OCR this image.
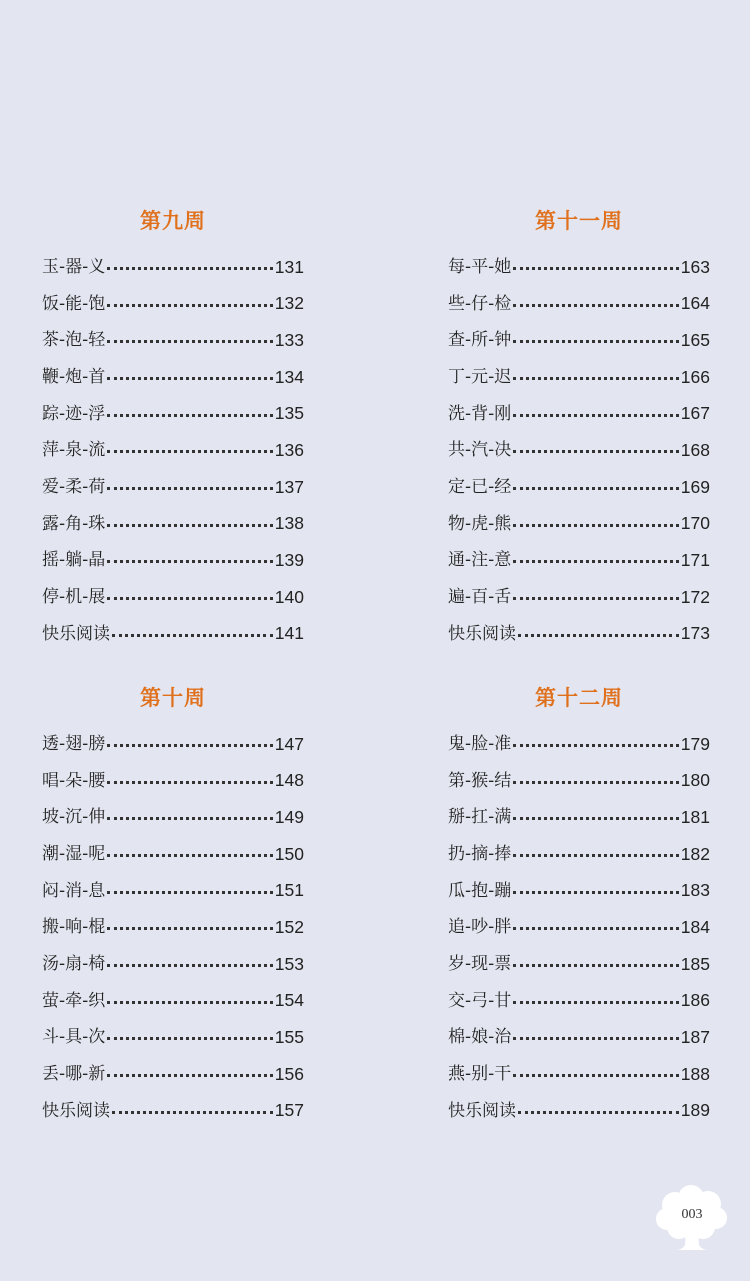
第九周
玉-器-义	131
饭-能-饱	132
茶-泡-轻	133
鞭-炮-首	134
踪-迹-浮	135
萍-泉-流	136
爱-柔-荷	137
露-角-珠	138
摇-躺-晶	139
停-机-展	140
快乐阅读	141
第十一周
每-平-她	163
些-仔-检	164
查-所-钟	165
丁-元-迟	166
洗-背-刚	167
共-汽-决	168
定-已-经	169
物-虎-熊	170
通-注-意	171
遍-百-舌	172
快乐阅读	173
第十周
透-翅-膀	147
唱-朵-腰	148
坡-沉-伸	149
潮-湿-呢	150
闷-消-息	151
搬-响-棍	152
汤-扇-椅	153
萤-牵-织	154
斗-具-次	155
丢-哪-新	156
快乐阅读	157
第十二周
鬼-脸-准	179
第-猴-结	180
掰-扛-满	181
扔-摘-捧	182
瓜-抱-蹦	183
追-吵-胖	184
岁-现-票	185
交-弓-甘	186
棉-娘-治	187
燕-别-干	188
快乐阅读	189
003
